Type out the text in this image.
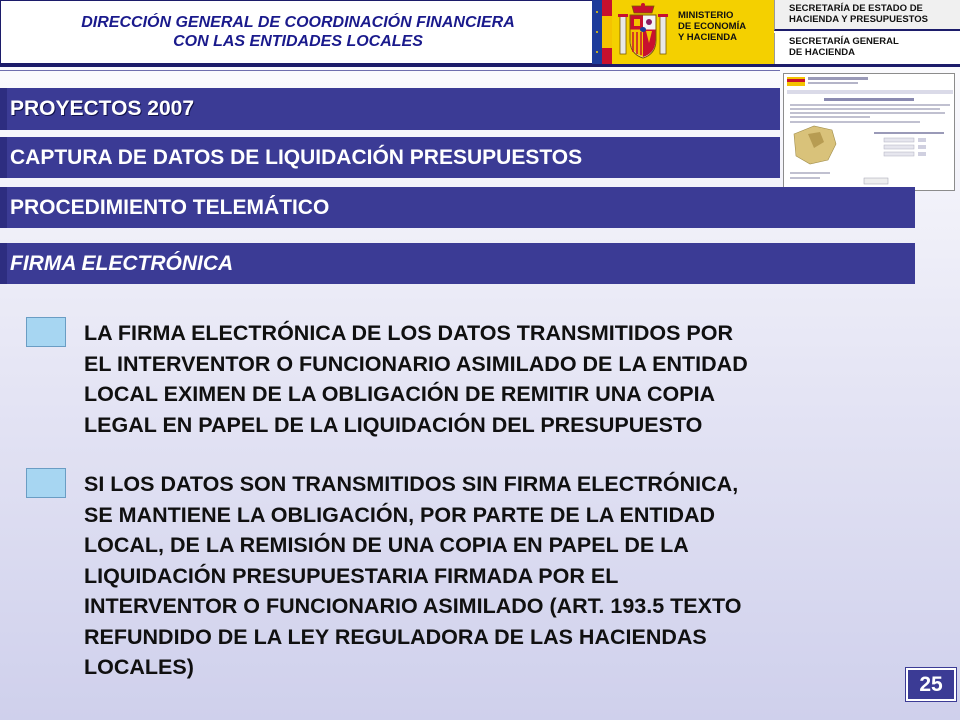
DIRECCIÓN GENERAL DE COORDINACIÓN FINANCIERA
CON LAS ENTIDADES LOCALES
MINISTERIO
DE ECONOMÍA
Y HACIENDA
SECRETARÍA DE ESTADO DE
HACIENDA Y PRESUPUESTOS
SECRETARÍA GENERAL
DE HACIENDA
PROYECTOS 2007
CAPTURA DE DATOS DE LIQUIDACIÓN PRESUPUESTOS
PROCEDIMIENTO TELEMÁTICO
FIRMA ELECTRÓNICA
LA FIRMA ELECTRÓNICA DE LOS DATOS TRANSMITIDOS POR
EL INTERVENTOR O FUNCIONARIO ASIMILADO DE LA ENTIDAD
LOCAL EXIMEN DE LA OBLIGACIÓN DE REMITIR UNA COPIA
LEGAL EN PAPEL DE LA LIQUIDACIÓN DEL PRESUPUESTO
SI LOS DATOS SON TRANSMITIDOS SIN FIRMA ELECTRÓNICA,
SE MANTIENE LA OBLIGACIÓN, POR PARTE DE LA ENTIDAD
LOCAL, DE LA REMISIÓN DE UNA COPIA EN PAPEL DE LA
LIQUIDACIÓN PRESUPUESTARIA FIRMADA POR EL
INTERVENTOR O FUNCIONARIO ASIMILADO (ART. 193.5 TEXTO
REFUNDIDO DE LA LEY REGULADORA DE LAS HACIENDAS
LOCALES)
25
